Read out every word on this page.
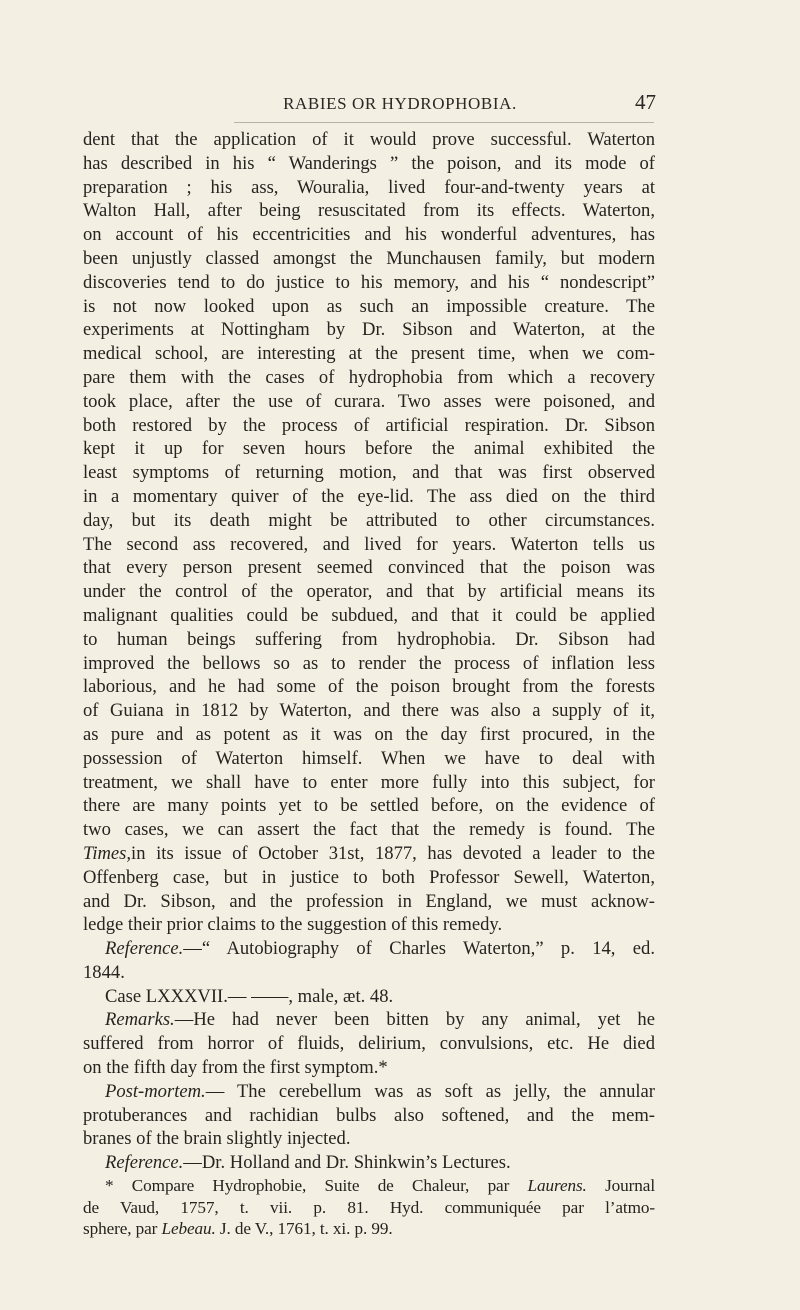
RABIES OR HYDROPHOBIA.	47

dent that the application of it would prove successful. Waterton
has described in his “ Wanderings ” the poison, and its mode of
preparation ; his ass, Wouralia, lived four-and-twenty years at
Walton Hall, after being resuscitated from its effects. Waterton,
on account of his eccentricities and his wonderful adventures, has
been unjustly classed amongst the Munchausen family, but modern
discoveries tend to do justice to his memory, and his “ nondescript”
is not now looked upon as such an impossible creature. The
experiments at Nottingham by Dr. Sibson and Waterton, at the
medical school, are interesting at the present time, when we com-
pare them with the cases of hydrophobia from which a recovery
took place, after the use of curara. Two asses were poisoned, and
both restored by the process of artificial respiration. Dr. Sibson
kept it up for seven hours before the animal exhibited the
least symptoms of returning motion, and that was first observed
in a momentary quiver of the eye-lid. The ass died on the third
day, but its death might be attributed to other circumstances.
The second ass recovered, and lived for years. Waterton tells us
that every person present seemed convinced that the poison was
under the control of the operator, and that by artificial means its
malignant qualities could be subdued, and that it could be applied
to human beings suffering from hydrophobia. Dr. Sibson had
improved the bellows so as to render the process of inflation less
laborious, and he had some of the poison brought from the forests
of Guiana in 1812 by Waterton, and there was also a supply of it,
as pure and as potent as it was on the day first procured, in the
possession of Waterton himself. When we have to deal with
treatment, we shall have to enter more fully into this subject, for
there are many points yet to be settled before, on the evidence of
two cases, we can assert the fact that the remedy is found. The
Times,in its issue of October 31st, 1877, has devoted a leader to the
Offenberg case, but in justice to both Professor Sewell, Waterton,
and Dr. Sibson, and the profession in England, we must acknow-
ledge their prior claims to the suggestion of this remedy.

Reference.—“ Autobiography of Charles Waterton,” p. 14, ed.
1844.

Case LXXXVII.— ——, male, æt. 48.

Remarks.—He had never been bitten by any animal, yet he
suffered from horror of fluids, delirium, convulsions, etc. He died
on the fifth day from the first symptom.*

Post-mortem.— The cerebellum was as soft as jelly, the annular
protuberances and rachidian bulbs also softened, and the mem-
branes of the brain slightly injected.

Reference.—Dr. Holland and Dr. Shinkwin’s Lectures.

* Compare Hydrophobie, Suite de Chaleur, par Laurens. Journal
de Vaud, 1757, t. vii. p. 81. Hyd. communiquée par l’atmo-
sphere, par Lebeau. J. de V., 1761, t. xi. p. 99.
